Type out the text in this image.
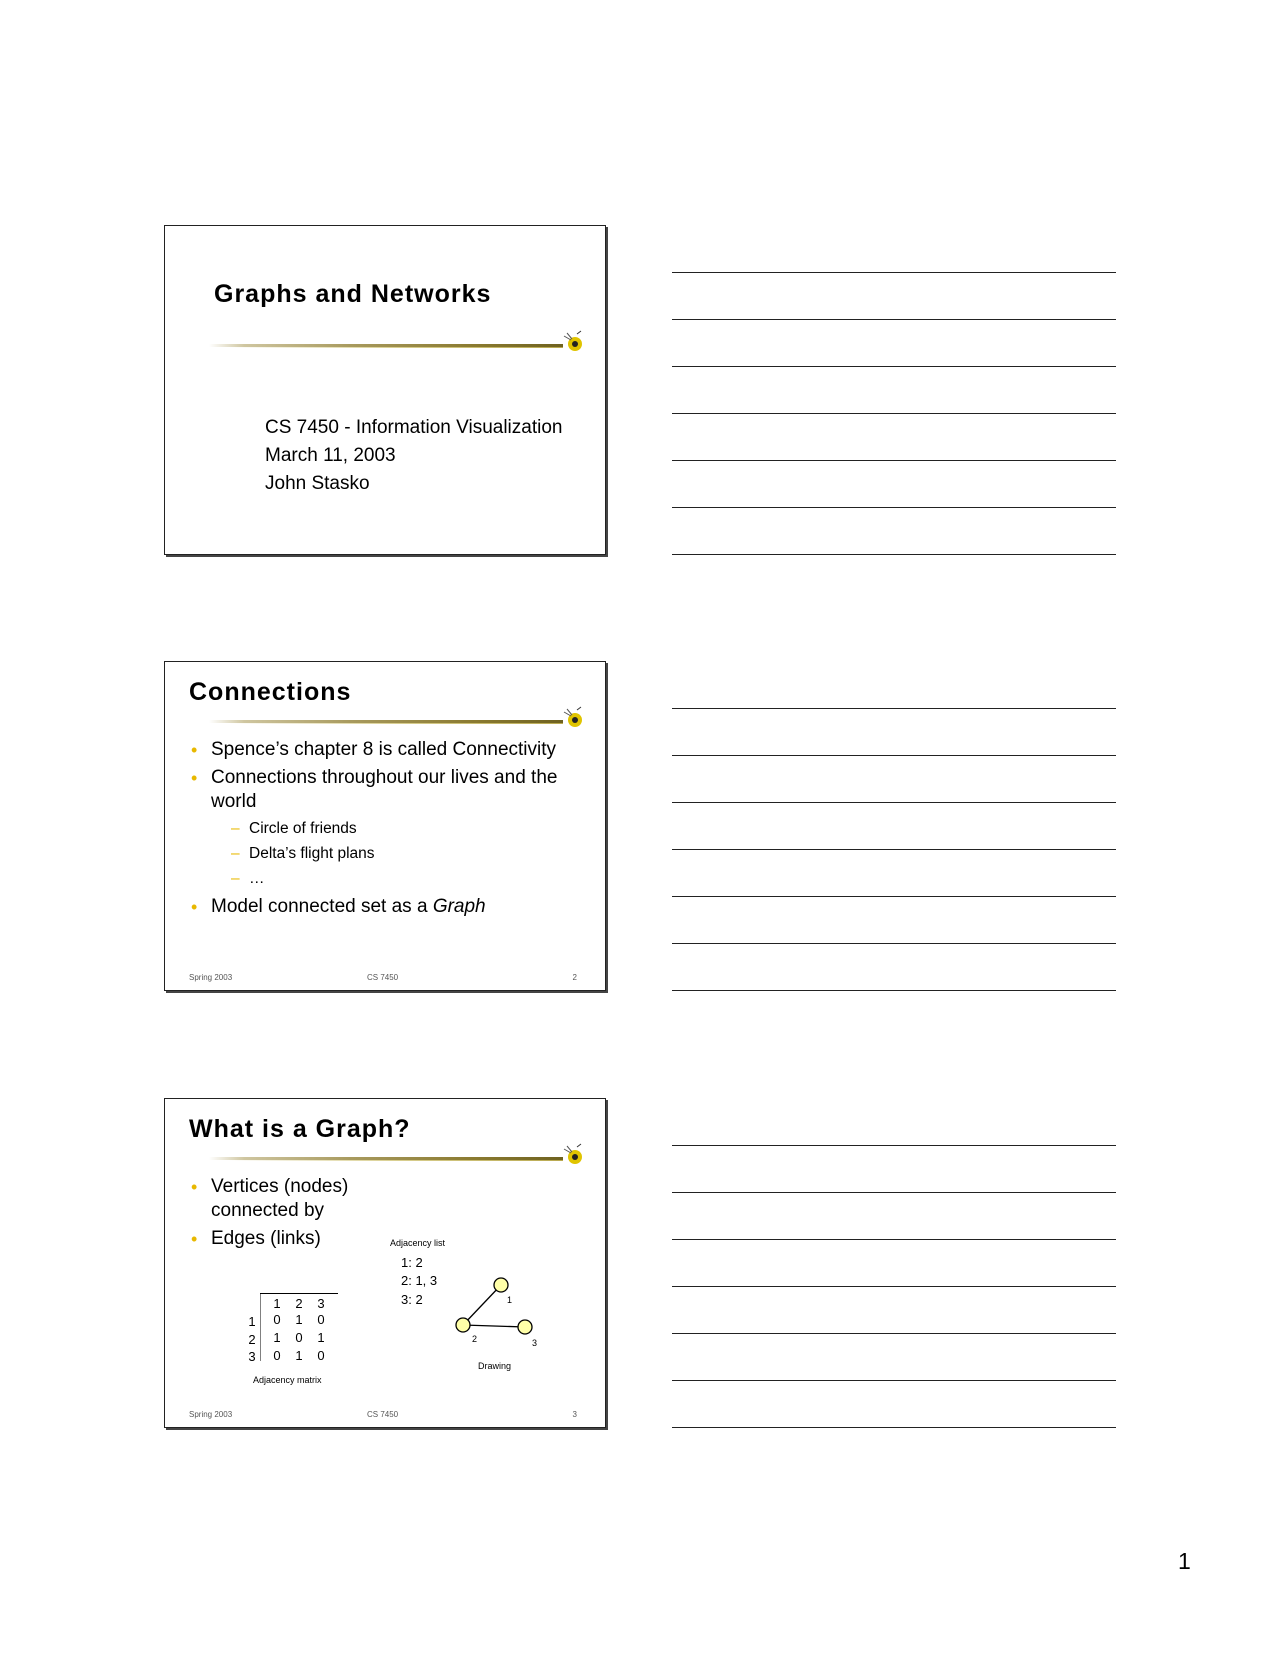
Graphs and Networks
CS 7450 - Information Visualization
March 11, 2003
John Stasko
Connections
• Spence’s chapter 8 is called Connectivity
• Connections throughout our lives and the world
– Circle of friends
– Delta’s flight plans
– …
• Model connected set as a Graph
Spring 2003	CS 7450	2
What is a Graph?
• Vertices (nodes) connected by
• Edges (links)	Adjacency list
1: 2
2: 1, 3
3: 2
1 2 3
1 0 1 0
2 1 0 1
3 0 1 0
Adjacency matrix
1
2	3
Drawing
Spring 2003	CS 7450	3
1
